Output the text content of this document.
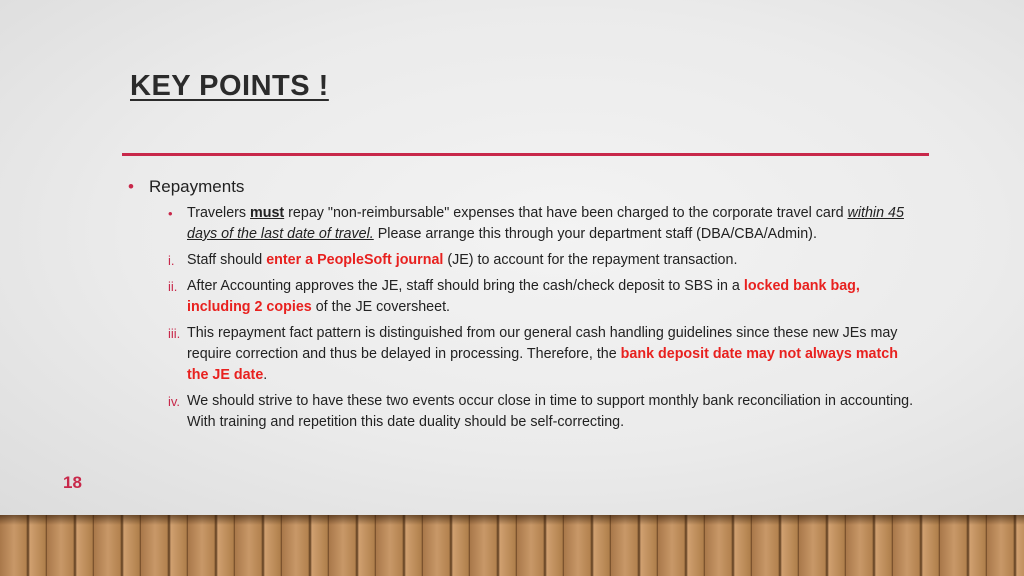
KEY POINTS !
• Repayments
• Travelers must repay "non-reimbursable" expenses that have been charged to the corporate travel card within 45 days of the last date of travel. Please arrange this through your department staff (DBA/CBA/Admin).
i. Staff should enter a PeopleSoft journal (JE) to account for the repayment transaction.
ii. After Accounting approves the JE, staff should bring the cash/check deposit to SBS in a locked bank bag, including 2 copies of the JE coversheet.
iii. This repayment fact pattern is distinguished from our general cash handling guidelines since these new JEs may require correction and thus be delayed in processing. Therefore, the bank deposit date may not always match the JE date.
iv. We should strive to have these two events occur close in time to support monthly bank reconciliation in accounting. With training and repetition this date duality should be self-correcting.
18
